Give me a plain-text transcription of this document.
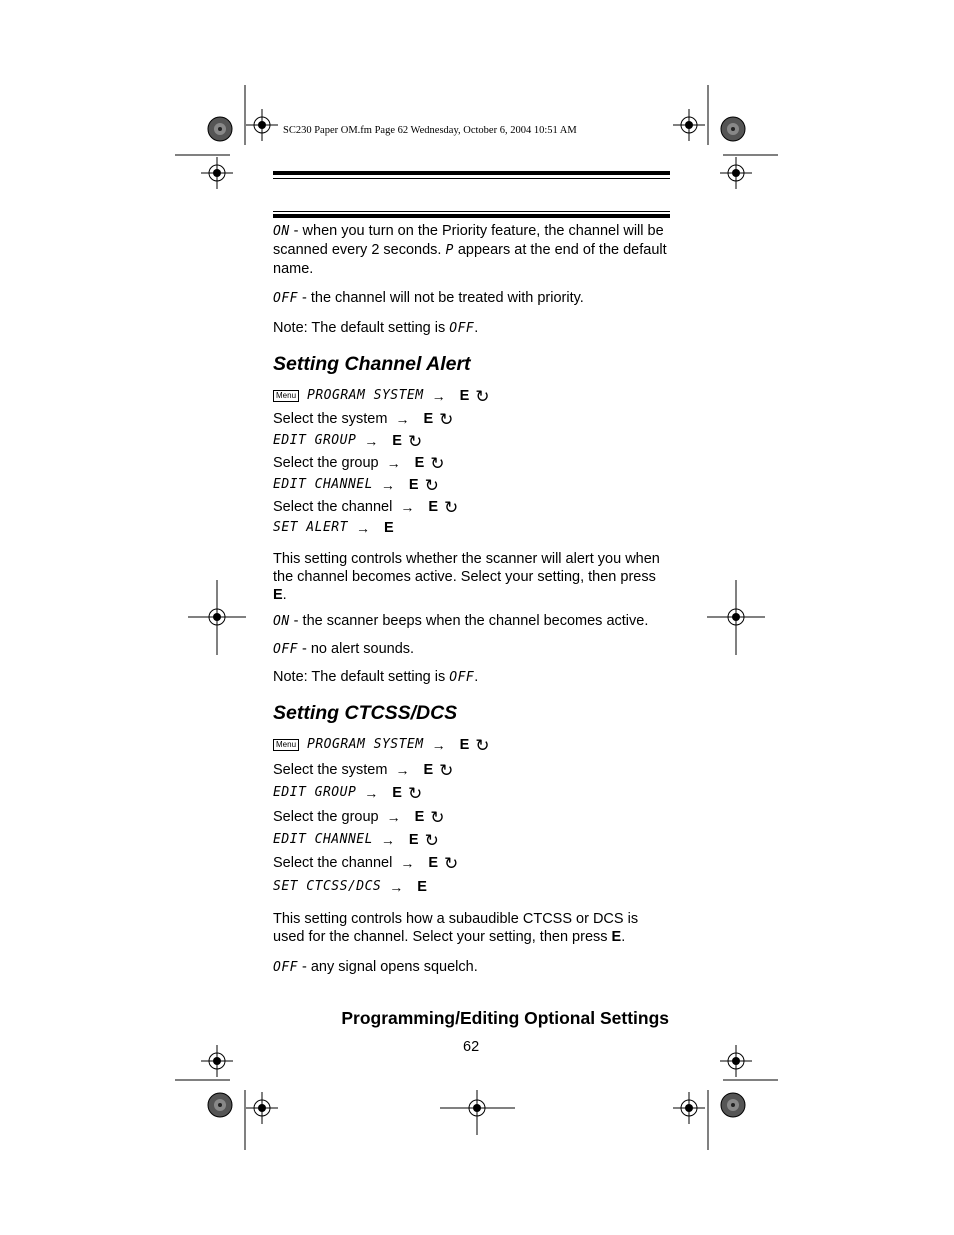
SC230 Paper OM.fm Page 62 Wednesday, October 6, 2004 10:51 AM
ON - when you turn on the Priority feature, the channel will be scanned every 2 seconds. P appears at the end of the default name.
OFF - the channel will not be treated with priority.
Note: The default setting is OFF.
Setting Channel Alert
Menu PROGRAM SYSTEM → E ↻
Select the system → E ↻
EDIT GROUP → E ↻
Select the group → E ↻
EDIT CHANNEL → E ↻
Select the channel → E ↻
SET ALERT → E
This setting controls whether the scanner will alert you when the channel becomes active. Select your setting, then press E.
ON - the scanner beeps when the channel becomes active.
OFF - no alert sounds.
Note: The default setting is OFF.
Setting CTCSS/DCS
Menu PROGRAM SYSTEM → E ↻
Select the system → E ↻
EDIT GROUP → E ↻
Select the group → E ↻
EDIT CHANNEL → E ↻
Select the channel → E ↻
SET CTCSS/DCS → E
This setting controls how a subaudible CTCSS or DCS is used for the channel. Select your setting, then press E.
OFF - any signal opens squelch.
Programming/Editing Optional Settings
62
